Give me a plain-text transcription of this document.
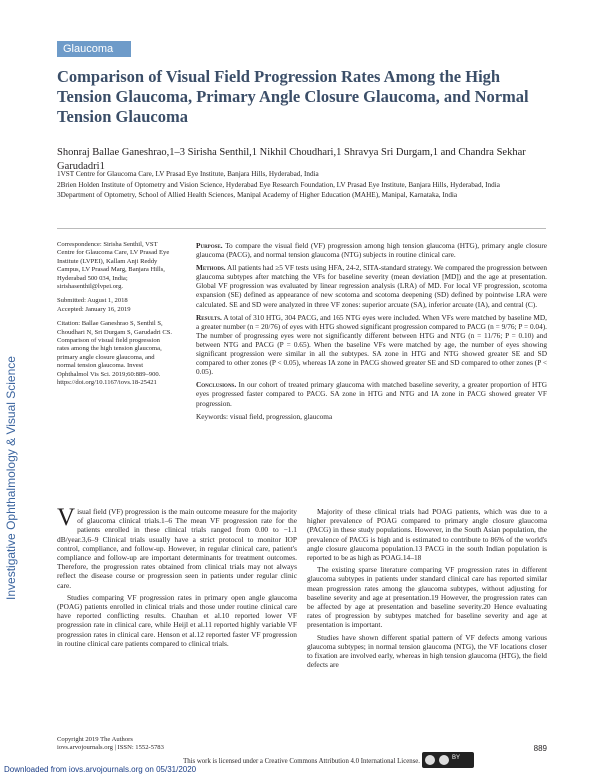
Glaucoma
Comparison of Visual Field Progression Rates Among the High Tension Glaucoma, Primary Angle Closure Glaucoma, and Normal Tension Glaucoma
Shonraj Ballae Ganeshrao,1–3 Sirisha Senthil,1 Nikhil Choudhari,1 Shravya Sri Durgam,1 and Chandra Sekhar Garudadri1
1VST Centre for Glaucoma Care, LV Prasad Eye Institute, Banjara Hills, Hyderabad, India
2Brien Holden Institute of Optometry and Vision Science, Hyderabad Eye Research Foundation, LV Prasad Eye Institute, Banjara Hills, Hyderabad, India
3Department of Optometry, School of Allied Health Sciences, Manipal Academy of Higher Education (MAHE), Manipal, Karnataka, India
Correspondence: Sirisha Senthil, VST Centre for Glaucoma Care, LV Prasad Eye Institute (LVPEI), Kallam Anji Reddy Campus, LV Prasad Marg, Banjara Hills, Hyderabad 500 034, India; sirishasenthil@lvpei.org.
Submitted: August 1, 2018
Accepted: January 16, 2019
Citation: Ballae Ganeshrao S, Senthil S, Choudhari N, Sri Durgam S, Garudadri CS. Comparison of visual field progression rates among the high tension glaucoma, primary angle closure glaucoma, and normal tension glaucoma. Invest Ophthalmol Vis Sci. 2019;60:889–900. https://doi.org/10.1167/iovs.18-25421

Purpose. To compare the visual field (VF) progression among high tension glaucoma (HTG), primary angle closure glaucoma (PACG), and normal tension glaucoma (NTG) subjects in routine clinical care.

Methods. All patients had ≥5 VF tests using HFA, 24-2, SITA-standard strategy. We compared the progression between glaucoma subtypes after matching the VFs for baseline severity (mean deviation [MD]) and the age at presentation. Global VF progression was evaluated by linear regression analysis (LRA) of MD. For local VF progression, scotoma expansion (SE) defined as appearance of new scotoma and scotoma deepening (SD) defined by pointwise LRA were calculated. SE and SD were analyzed in three VF zones: superior arcuate (SA), inferior arcuate (IA), and central (C).

Results. A total of 310 HTG, 304 PACG, and 165 NTG eyes were included. When VFs were matched by baseline MD, a greater number (n = 20/76) of eyes with HTG showed significant progression compared to PACG (n = 9/76; P = 0.04). The number of progressing eyes were not significantly different between HTG and NTG (n = 11/76; P = 0.10) and between NTG and PACG (P = 0.65). When the baseline VFs were matched by age, the number of eyes showing significant progression were similar in all the subtypes. SA zone in HTG and NTG showed greater SE and SD compared to other zones (P < 0.05), whereas IA zone in PACG showed greater SE and SD compared to other zones (P < 0.05).

Conclusions. In our cohort of treated primary glaucoma with matched baseline severity, a greater proportion of HTG eyes progressed faster compared to PACG. SA zone in HTG and NTG and IA zone in PACG showed greater VF progression.

Keywords: visual field, progression, glaucoma
Investigative Ophthalmology & Visual Science Visual field (VF) progression is the main outcome measure for the majority of glaucoma clinical trials.1–6 The mean VF progression rate for the patients enrolled in these clinical trials ranged from 0.00 to −1.1 dB/year.3,6–9 Clinical trials usually have a strict protocol to monitor IOP control, compliance, and follow-up. However, in regular clinical care, patient's compliance and follow-up are important determinants for treatment outcomes. Therefore, the progression rates obtained from clinical trials may not always reflect the disease course or progression seen in patients under regular clinic care.

Studies comparing VF progression rates in primary open angle glaucoma (POAG) patients enrolled in clinical trials and those under routine clinical care have reported conflicting results. Chauhan et al.10 reported lower VF progression rate in clinical care, while Heijl et al.11 reported highly variable VF progression rates in clinical care. Henson et al.12 reported faster VF progression in routine clinical care patients compared to clinical trials.

Majority of these clinical trials had POAG patients, which was due to a higher prevalence of POAG compared to primary angle closure glaucoma (PACG) in these study populations. However, in the South Asian population, the prevalence of PACG is high and is estimated to contribute to 86% of the world's angle closure glaucoma population.13 PACG in the south Indian population is reported to be as high as POAG.14–18

The existing sparse literature comparing VF progression rates in different glaucoma subtypes in patients under standard clinical care has reported similar mean progression rates among the glaucoma subtypes, without adjusting for baseline severity and age at presentation.19 However, the progression rates can be affected by age at presentation and baseline severity.20 Hence evaluating rates of progression by subtypes matched for baseline severity and age at presentation is important.

Studies have shown different spatial pattern of VF defects among various glaucoma subtypes; in normal tension glaucoma (NTG), the VF locations closer to fixation are involved early, whereas in high tension glaucoma (HTG), the field defects are

Copyright 2019 The Authors
iovs.arvojournals.org | ISSN: 1552-5783	889
This work is licensed under a Creative Commons Attribution 4.0 International License.	BY
Downloaded from iovs.arvojournals.org on 05/31/2020
